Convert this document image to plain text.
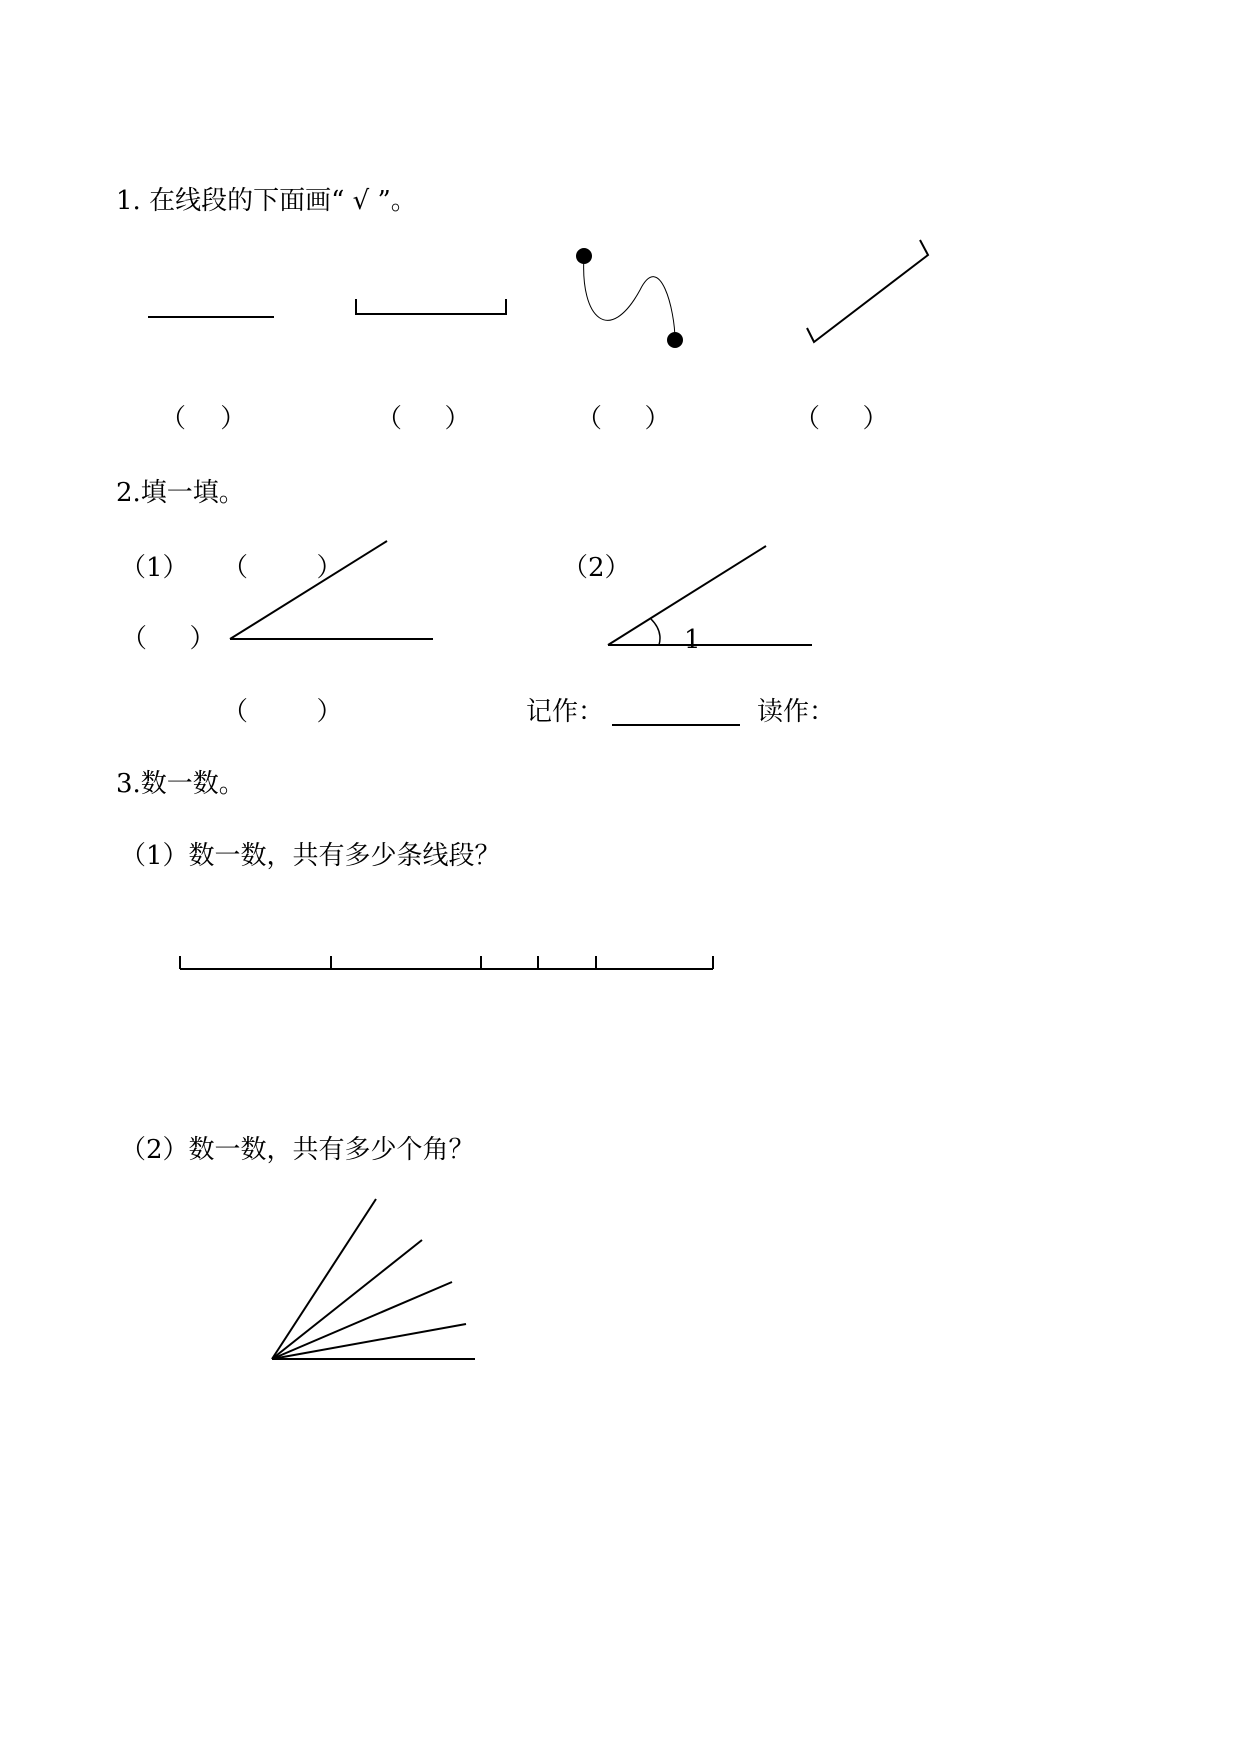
1. 在线段的下面画“ √ ”。
（　 ）	（　  ）	（　  ）	（　  ）
2.填一填。
（1） （　　  ）
（　  ）
（　　  ）
（2）
1
记作：	读作：
3.数一数。
（1）数一数，共有多少条线段？
（2）数一数，共有多少个角？
